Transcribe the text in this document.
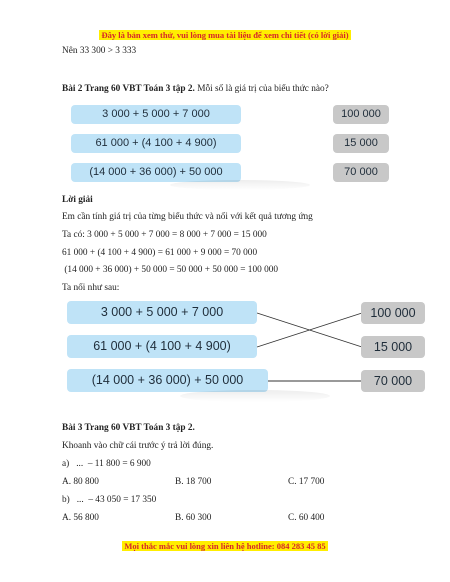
Đây là bản xem thử, vui lòng mua tài liệu để xem chi tiết (có lời giải)
Nên 33 300 > 3 333
Bài 2 Trang 60 VBT Toán 3 tập 2. Mỗi số là giá trị của biểu thức nào?
3 000 + 5 000 + 7 000
61 000 + (4 100 + 4 900)
(14 000 + 36 000) + 50 000
100 000
15 000
70 000
Lời giải
Em cần tính giá trị của từng biểu thức và nối với kết quả tương ứng
Ta có: 3 000 + 5 000 + 7 000 = 8 000 + 7 000 = 15 000
61 000 + (4 100 + 4 900) = 61 000 + 9 000 = 70 000
(14 000 + 36 000) + 50 000 = 50 000 + 50 000 = 100 000
Ta nối như sau:
3 000 + 5 000 + 7 000
61 000 + (4 100 + 4 900)
(14 000 + 36 000) + 50 000
100 000
15 000
70 000
Bài 3 Trang 60 VBT Toán 3 tập 2.
Khoanh vào chữ cái trước ý trả lời đúng.
a)   ...  – 11 800 = 6 900
A. 80 800	B. 18 700	C. 17 700
b)   ...  – 43 050 = 17 350
A. 56 800	B. 60 300	C. 60 400
Mọi thắc mắc vui lòng xin liên hệ hotline: 084 283 45 85
